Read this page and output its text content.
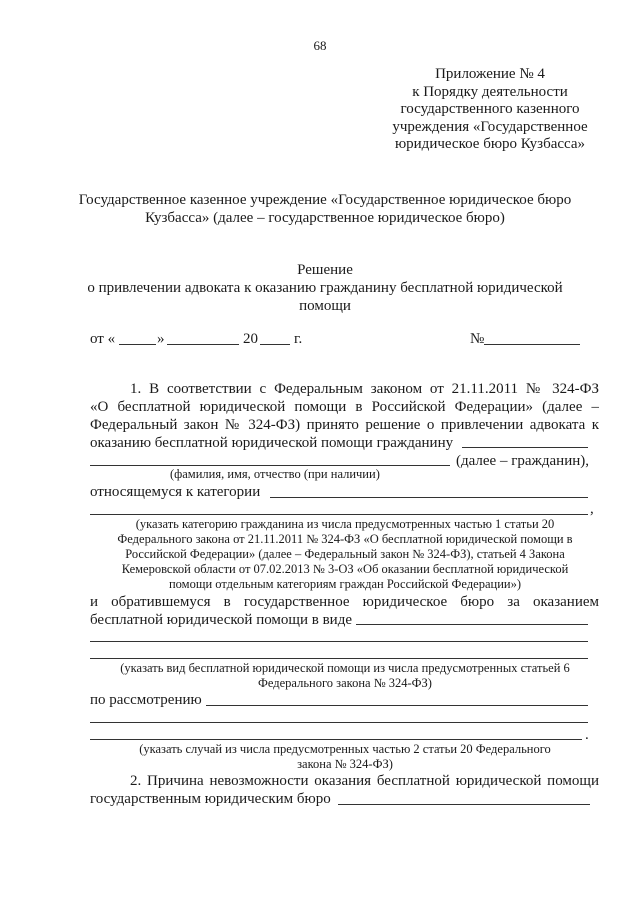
68
Приложение № 4
к Порядку деятельности
государственного казенного
учреждения «Государственное
юридическое бюро Кузбасса»
Государственное казенное учреждение «Государственное юридическое бюро
Кузбасса» (далее – государственное юридическое бюро)
Решение
о привлечении адвоката к оказанию гражданину бесплатной юридической
помощи
от «	»	20 г.	№
1. В соответствии с Федеральным законом от 21.11.2011 № 324-ФЗ
«О бесплатной юридической помощи в Российской Федерации» (далее –
Федеральный закон № 324-ФЗ) принято решение о привлечении адвоката к
оказанию бесплатной юридической помощи гражданину
(далее – гражданин),
(фамилия, имя, отчество (при наличии)
относящемуся к категории
,
(указать категорию гражданина из числа предусмотренных частью 1 статьи 20
Федерального закона от 21.11.2011 № 324-ФЗ «О бесплатной юридической помощи в
Российской Федерации» (далее – Федеральный закон № 324-ФЗ), статьей 4 Закона
Кемеровской области от 07.02.2013 № 3-ОЗ «Об оказании бесплатной юридической
помощи отдельным категориям граждан Российской Федерации»)
и обратившемуся в государственное юридическое бюро за оказанием
бесплатной юридической помощи в виде
(указать вид бесплатной юридической помощи из числа предусмотренных статьей 6
Федерального закона № 324-ФЗ)
по рассмотрению
.
(указать случай из числа предусмотренных частью 2 статьи 20 Федерального
закона № 324-ФЗ)
2. Причина невозможности оказания бесплатной юридической помощи
государственным юридическим бюро
